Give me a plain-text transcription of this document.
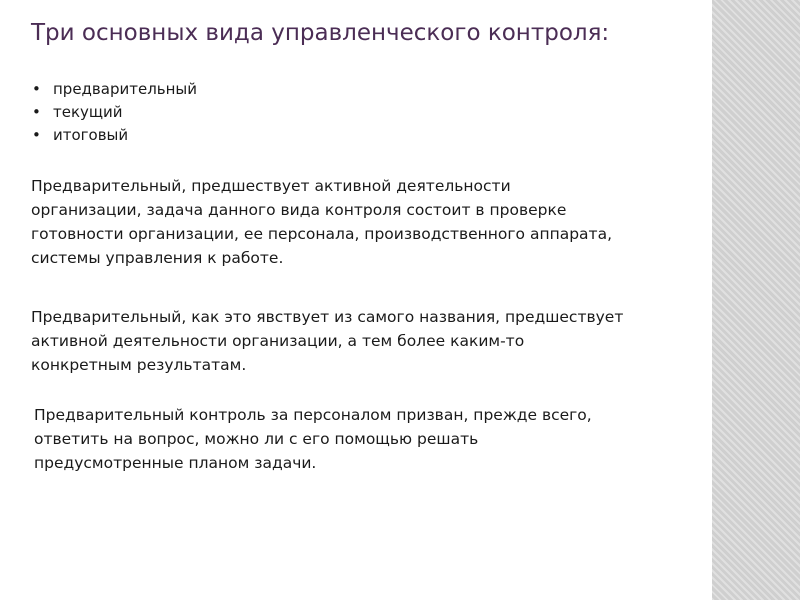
Три основных вида управленческого контроля:
• предварительный
• текущий
• итоговый

Предварительный, предшествует активной деятельности
организации, задача данного вида контроля состоит в проверке
готовности организации, ее персонала, производственного аппарата,
системы управления к работе.

Предварительный, как это явствует из самого названия, предшествует
активной деятельности организации, а тем более каким-то
конкретным результатам.

Предварительный контроль за персоналом призван, прежде всего,
ответить на вопрос, можно ли с его помощью решать
предусмотренные планом задачи.
